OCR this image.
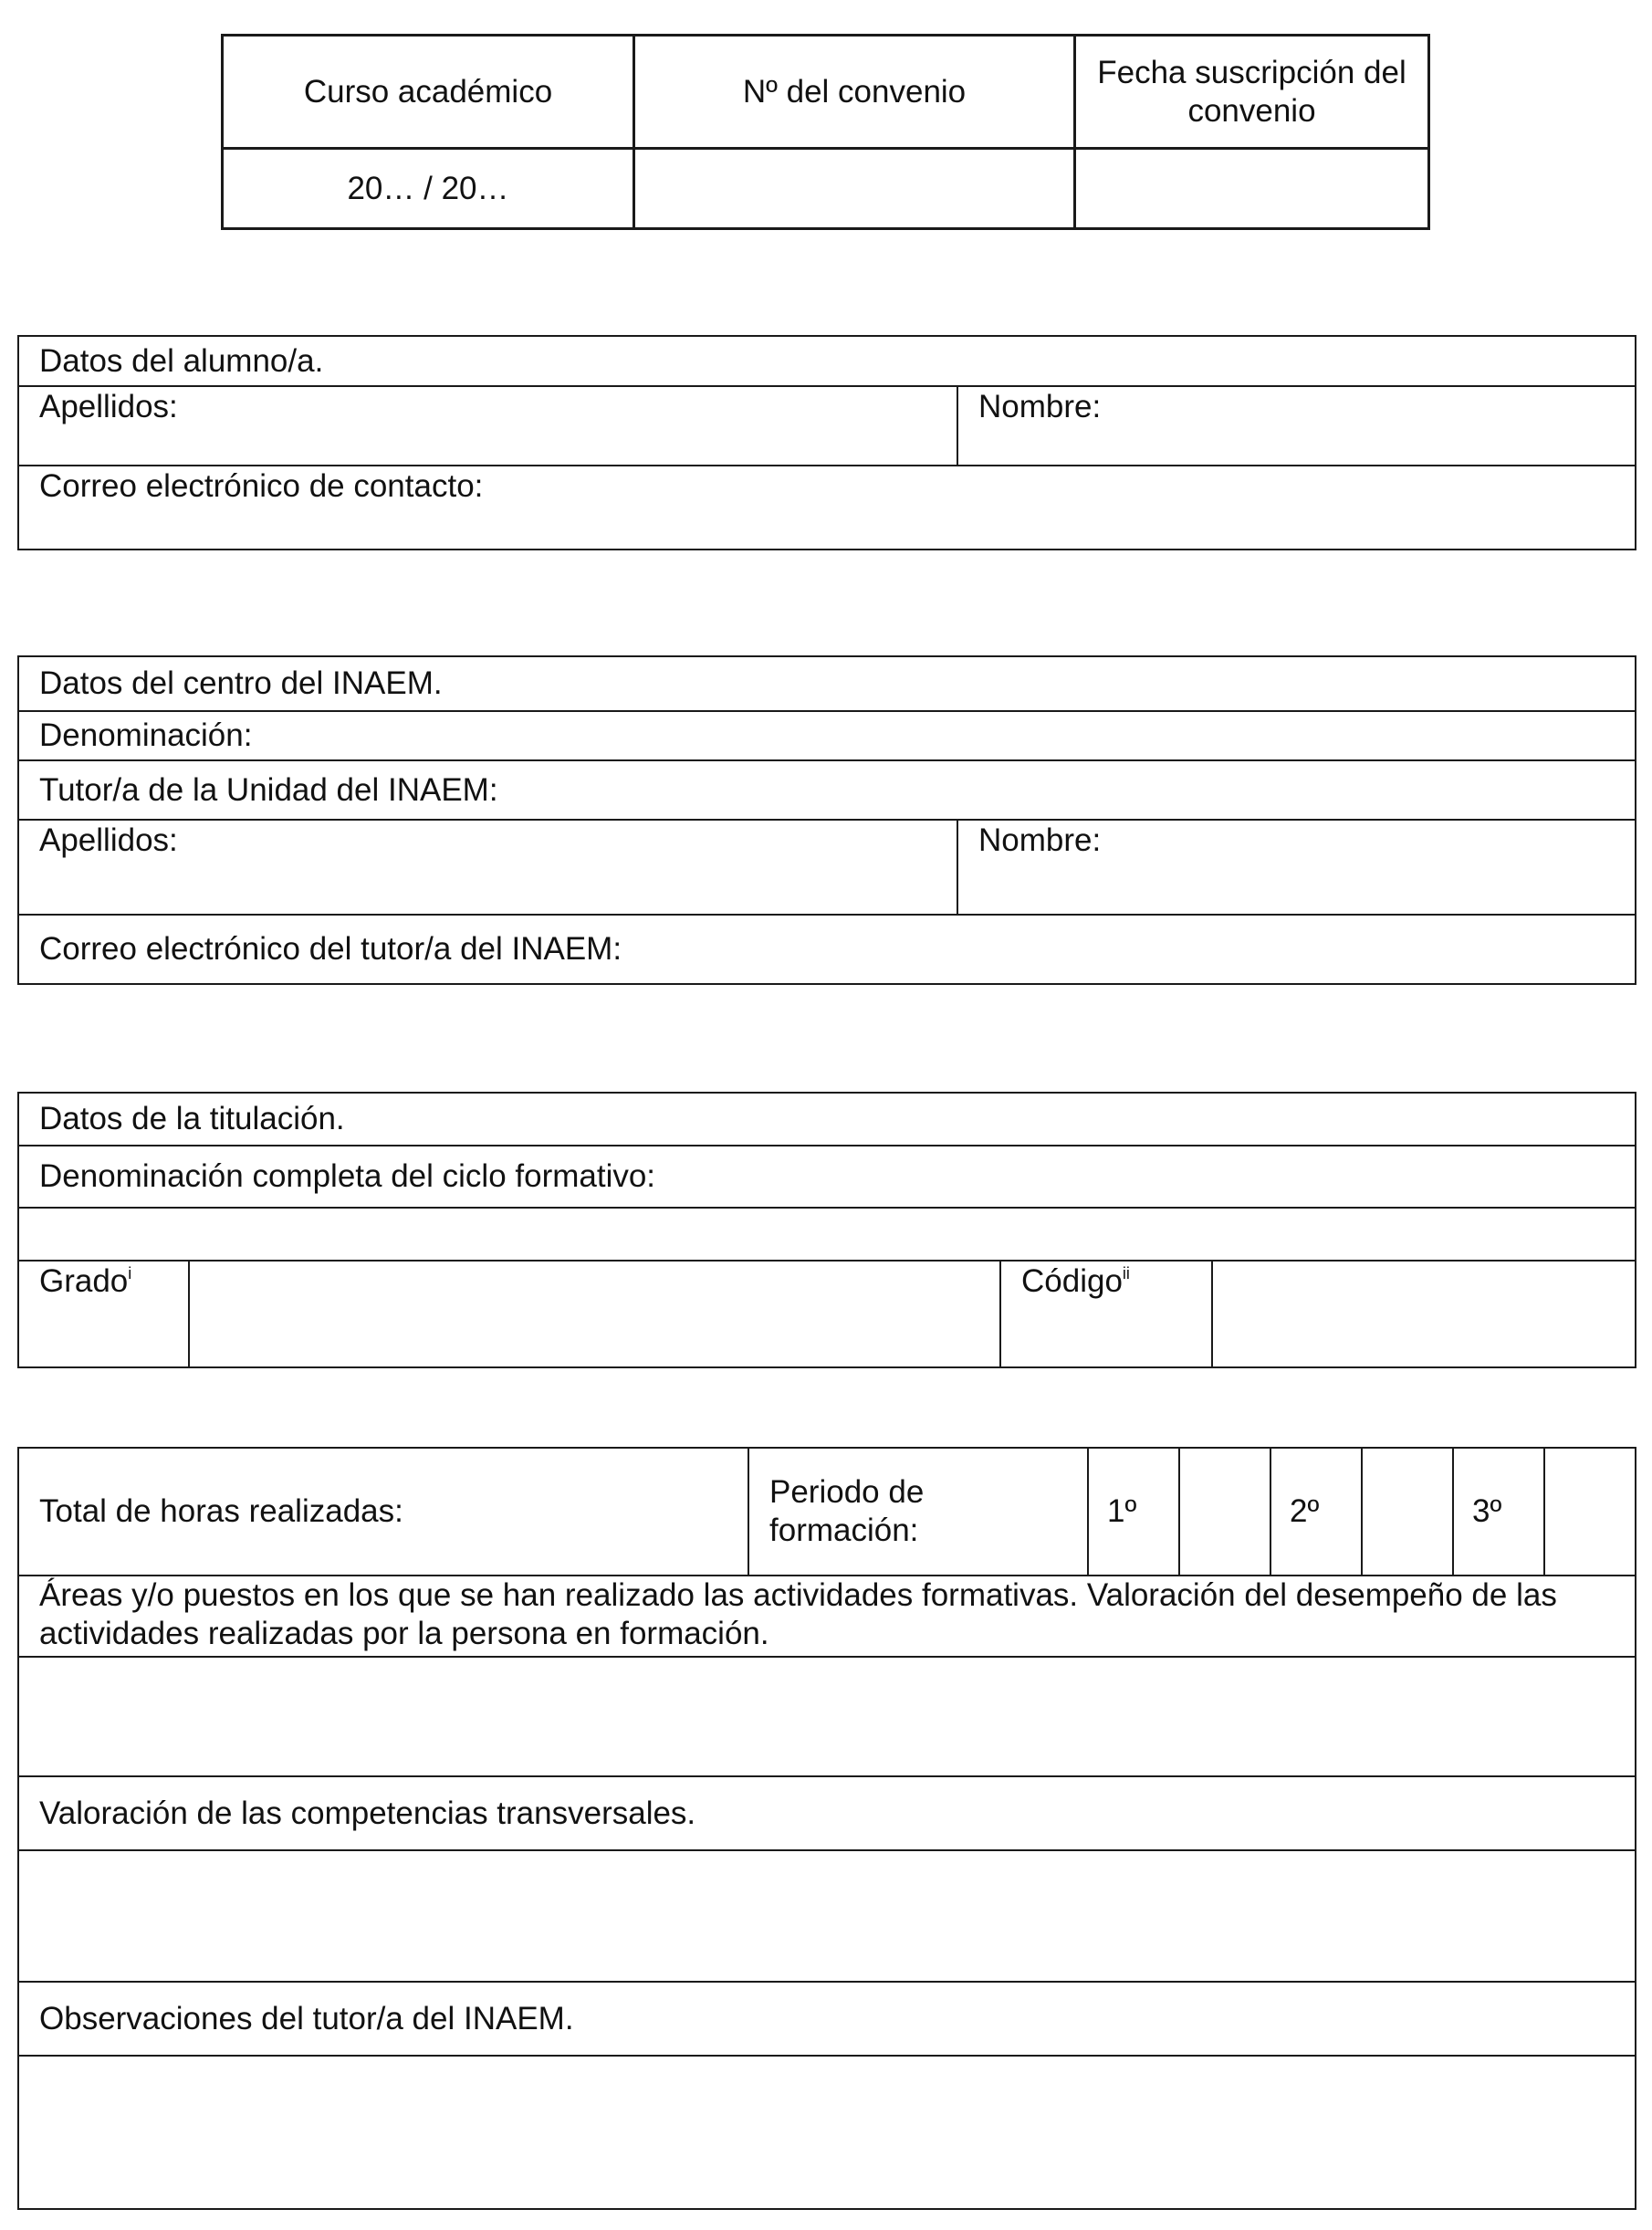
Curso académico	Nº del convenio	Fecha suscripción del convenio
20… / 20…		
Datos del alumno/a.
Apellidos:	Nombre:
Correo electrónico de contacto:
Datos del centro del INAEM.
Denominación:
Tutor/a de la Unidad del INAEM:
Apellidos:	Nombre:
Correo electrónico del tutor/a del INAEM:
Datos de la titulación.
Denominación completa del ciclo formativo:

Grado$^i$		Código$^{ii}$	
Total de horas realizadas:	Periodo de formación:	1º		2º		3º	
Áreas y/o puestos en los que se han realizado las actividades formativas. Valoración del desempeño de las actividades realizadas por la persona en formación.

Valoración de las competencias transversales.

Observaciones del tutor/a del INAEM.
